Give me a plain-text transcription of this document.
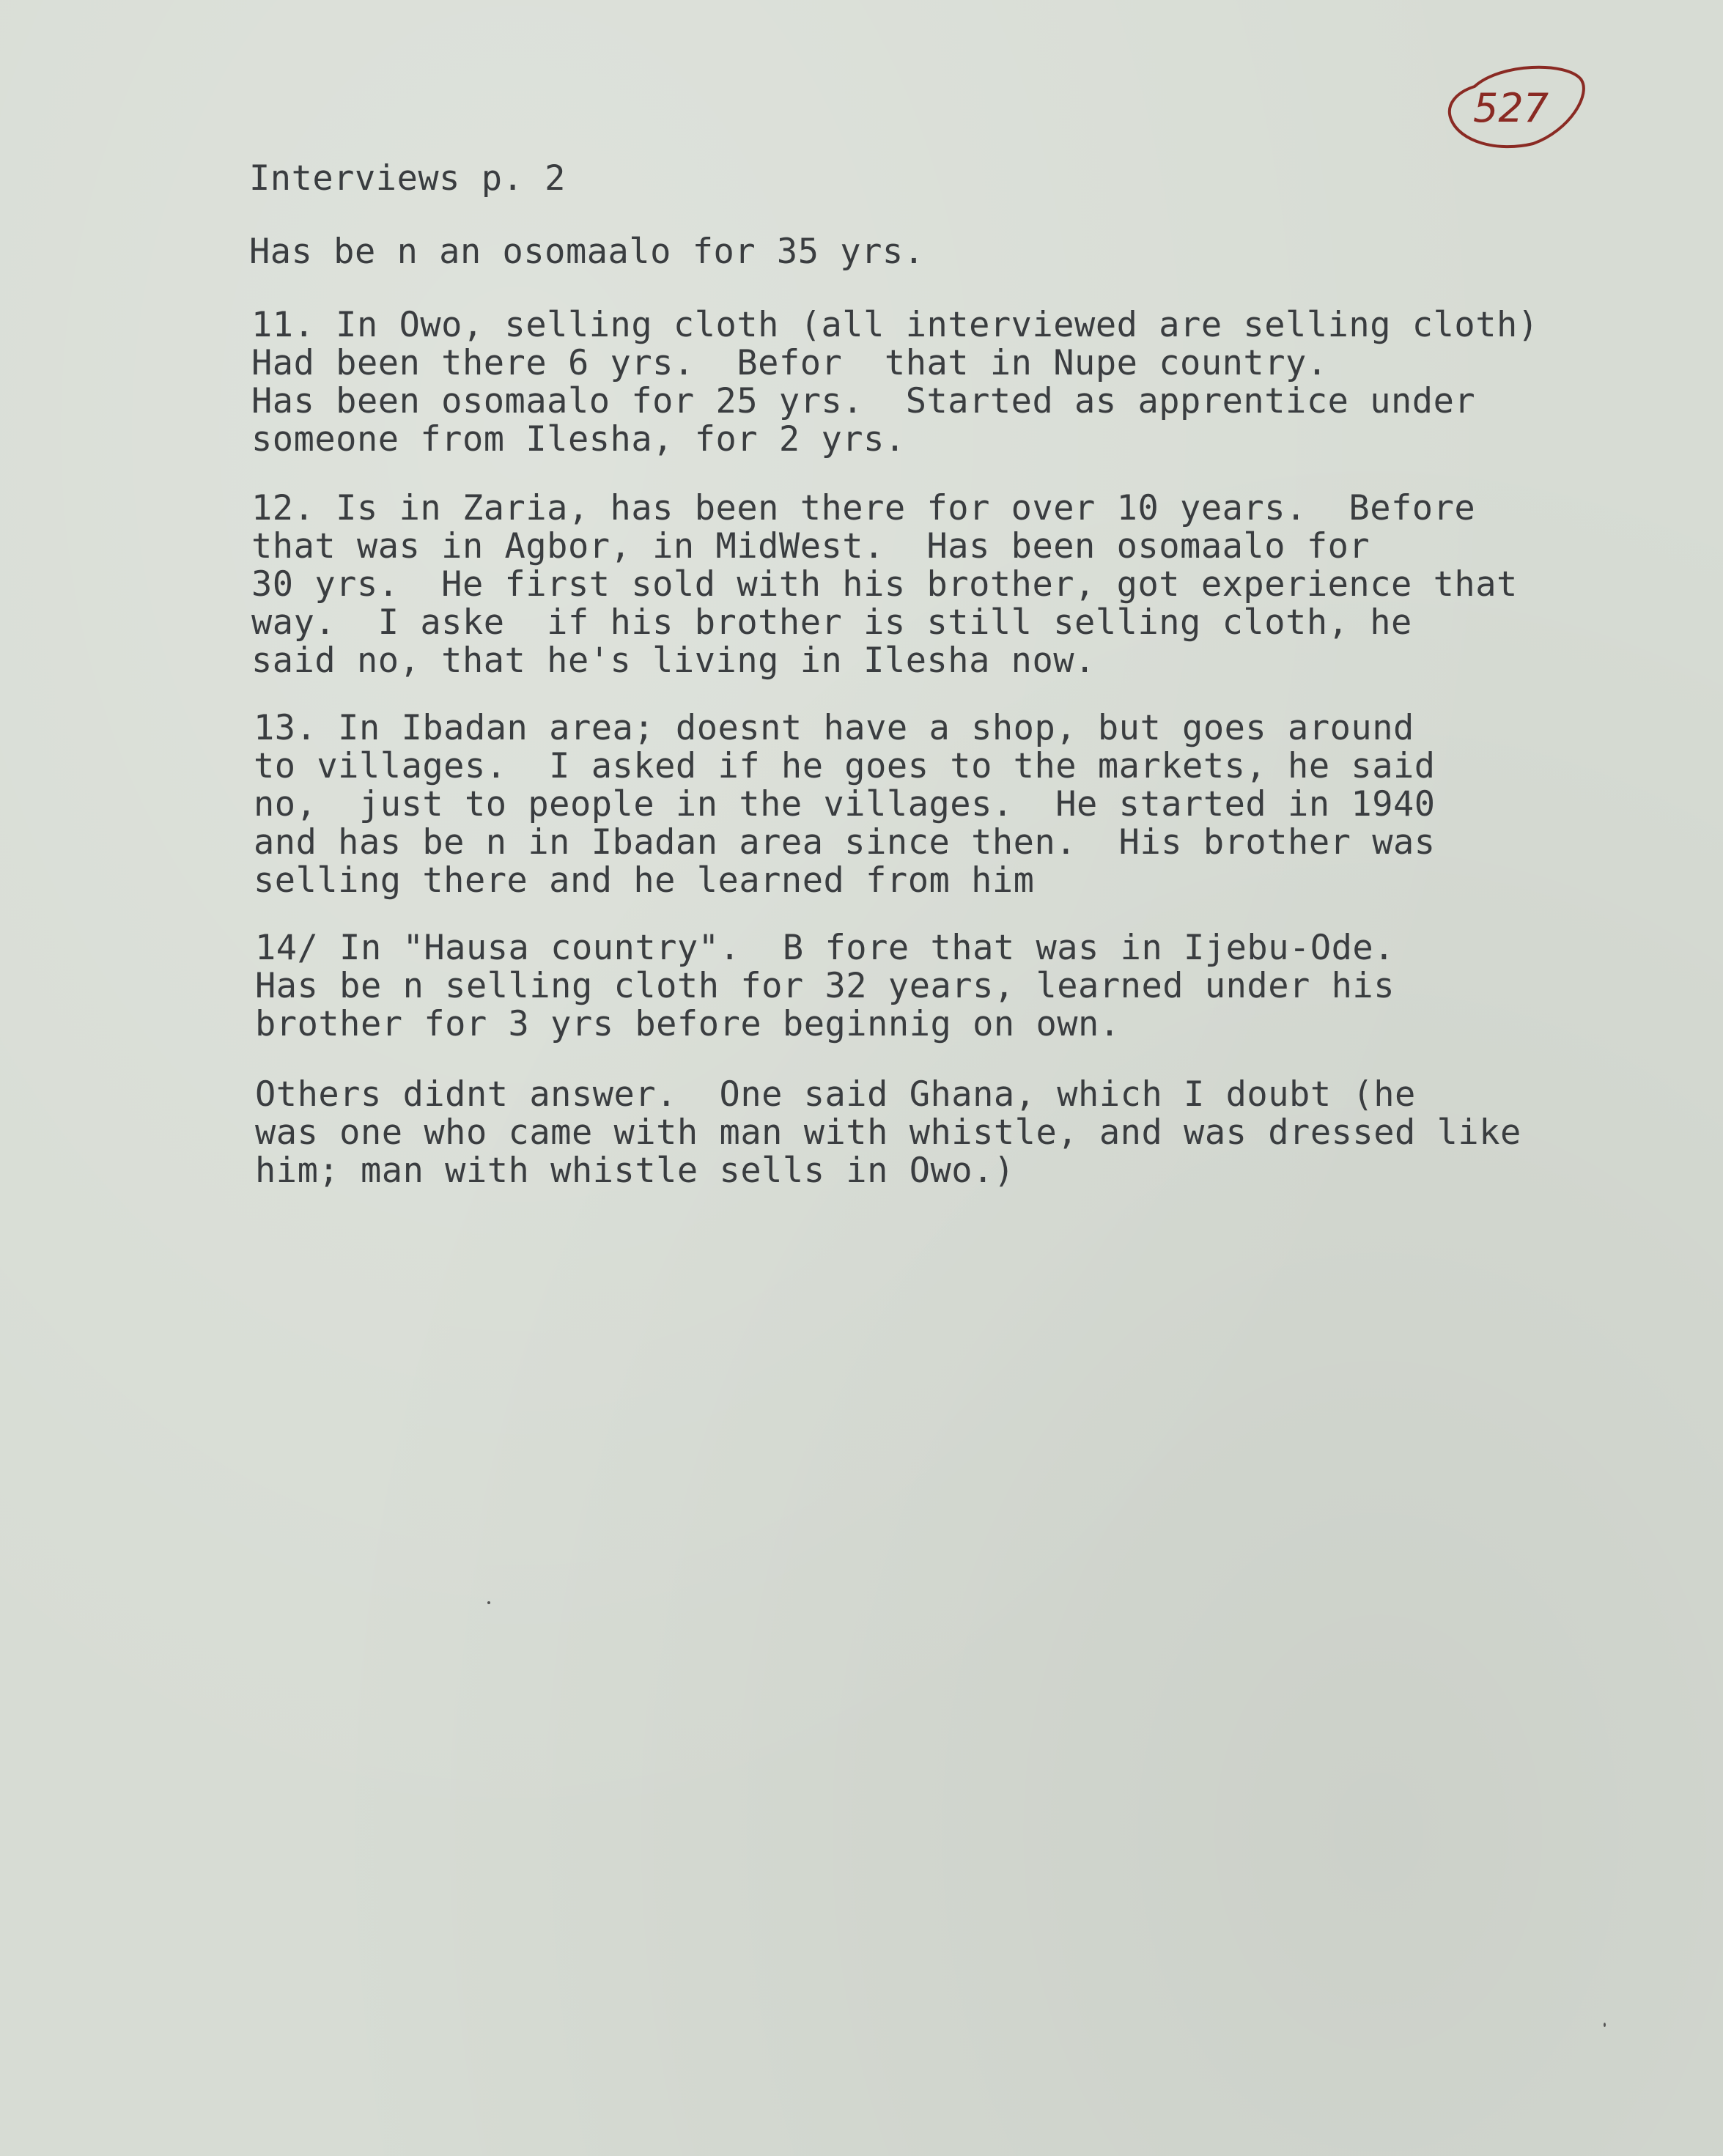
527
Interviews p. 2
Has be n an osomaalo for 35 yrs.

11. In Owo, selling cloth (all interviewed are selling cloth)

Had been there 6 yrs.  Befor  that in Nupe country.

Has been osomaalo for 25 yrs.  Started as apprentice under

someone from Ilesha, for 2 yrs.

12. Is in Zaria, has been there for over 10 years.  Before

that was in Agbor, in MidWest.  Has been osomaalo for

30 yrs.  He first sold with his brother, got experience that

way.  I aske  if his brother is still selling cloth, he

said no, that he's living in Ilesha now.

13. In Ibadan area; doesnt have a shop, but goes around

to villages.  I asked if he goes to the markets, he said

no,  just to people in the villages.  He started in 1940

and has be n in Ibadan area since then.  His brother was

selling there and he learned from him

14/ In "Hausa country".  B fore that was in Ijebu-Ode.

Has be n selling cloth for 32 years, learned under his

brother for 3 yrs before beginnig on own.

Others didnt answer.  One said Ghana, which I doubt (he

was one who came with man with whistle, and was dressed like

him; man with whistle sells in Owo.)
